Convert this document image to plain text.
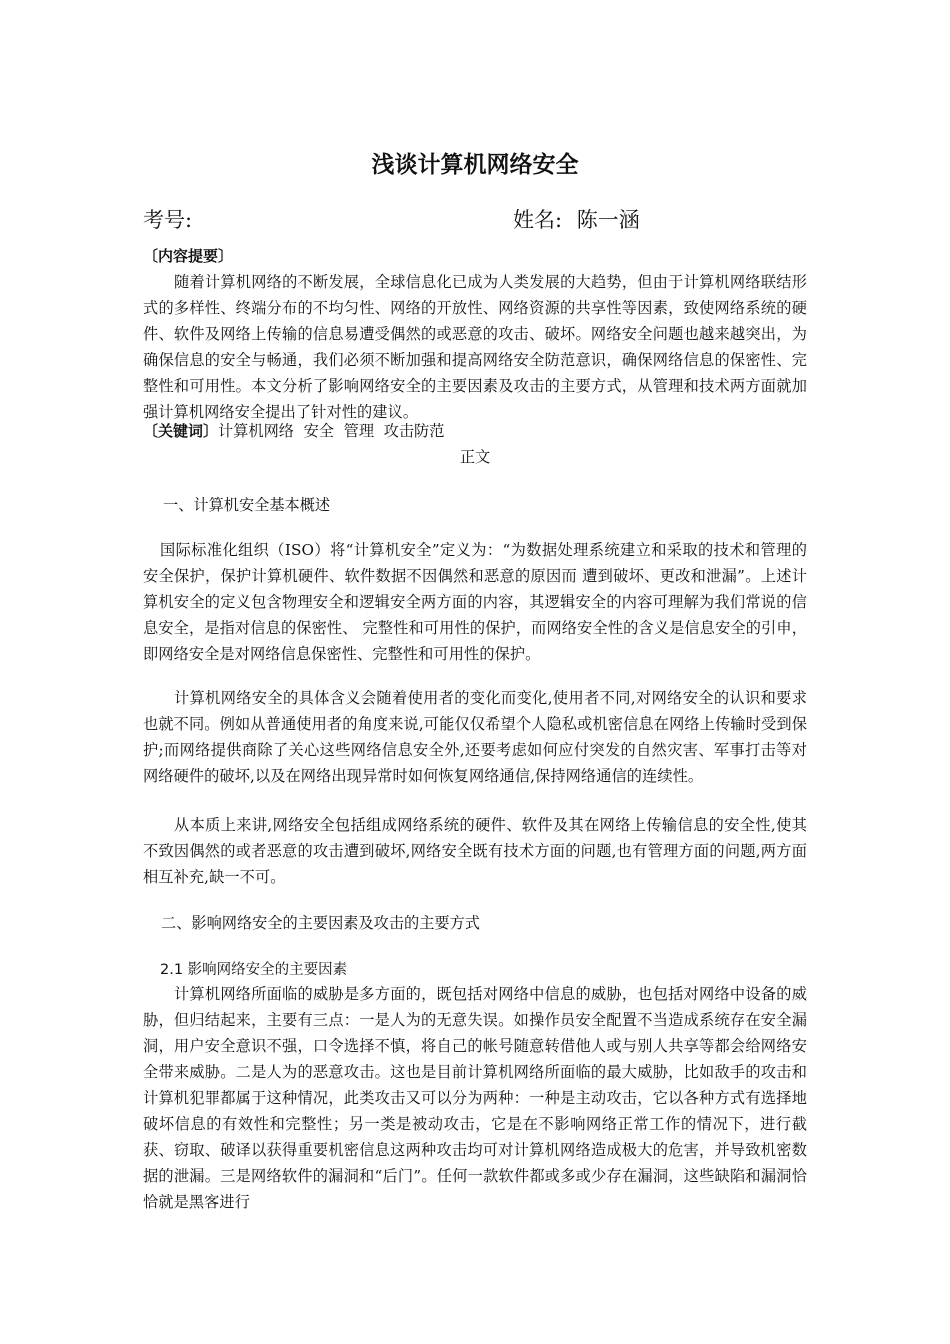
浅谈计算机网络安全
考号:	姓名: 陈一涵
〔内容提要〕
随着计算机网络的不断发展，全球信息化已成为人类发展的大趋势，但由于计算机网络联结形式的多样性、终端分布的不均匀性、网络的开放性、网络资源的共享性等因素，致使网络系统的硬件、软件及网络上传输的信息易遭受偶然的或恶意的攻击、破坏。网络安全问题也越来越突出，为确保信息的安全与畅通，我们必须不断加强和提高网络安全防范意识，确保网络信息的保密性、完整性和可用性。本文分析了影响网络安全的主要因素及攻击的主要方式，从管理和技术两方面就加强计算机网络安全提出了针对性的建议。
〔关键词〕计算机网络  安全  管理  攻击防范
正文
一、计算机安全基本概述
国际标准化组织（ISO）将“计算机安全”定义为：“为数据处理系统建立和采取的技术和管理的安全保护，保护计算机硬件、软件数据不因偶然和恶意的原因而 遭到破坏、更改和泄漏”。上述计算机安全的定义包含物理安全和逻辑安全两方面的内容，其逻辑安全的内容可理解为我们常说的信息安全，是指对信息的保密性、 完整性和可用性的保护，而网络安全性的含义是信息安全的引申，即网络安全是对网络信息保密性、完整性和可用性的保护。
计算机网络安全的具体含义会随着使用者的变化而变化,使用者不同,对网络安全的认识和要求也就不同。例如从普通使用者的角度来说,可能仅仅希望个人隐私或机密信息在网络上传输时受到保护;而网络提供商除了关心这些网络信息安全外,还要考虑如何应付突发的自然灾害、军事打击等对网络硬件的破坏,以及在网络出现异常时如何恢复网络通信,保持网络通信的连续性。
从本质上来讲,网络安全包括组成网络系统的硬件、软件及其在网络上传输信息的安全性,使其不致因偶然的或者恶意的攻击遭到破坏,网络安全既有技术方面的问题,也有管理方面的问题,两方面相互补充,缺一不可。
二、影响网络安全的主要因素及攻击的主要方式
2.1 影响网络安全的主要因素
计算机网络所面临的威胁是多方面的，既包括对网络中信息的威胁，也包括对网络中设备的威胁，但归结起来，主要有三点：一是人为的无意失误。如操作员安全配置不当造成系统存在安全漏洞，用户安全意识不强，口令选择不慎，将自己的帐号随意转借他人或与别人共享等都会给网络安全带来威胁。二是人为的恶意攻击。这也是目前计算机网络所面临的最大威胁，比如敌手的攻击和计算机犯罪都属于这种情况，此类攻击又可以分为两种：一种是主动攻击，它以各种方式有选择地破坏信息的有效性和完整性；另一类是被动攻击，它是在不影响网络正常工作的情况下，进行截获、窃取、破译以获得重要机密信息这两种攻击均可对计算机网络造成极大的危害，并导致机密数据的泄漏。三是网络软件的漏洞和“后门”。任何一款软件都或多或少存在漏洞，这些缺陷和漏洞恰恰就是黑客进行
